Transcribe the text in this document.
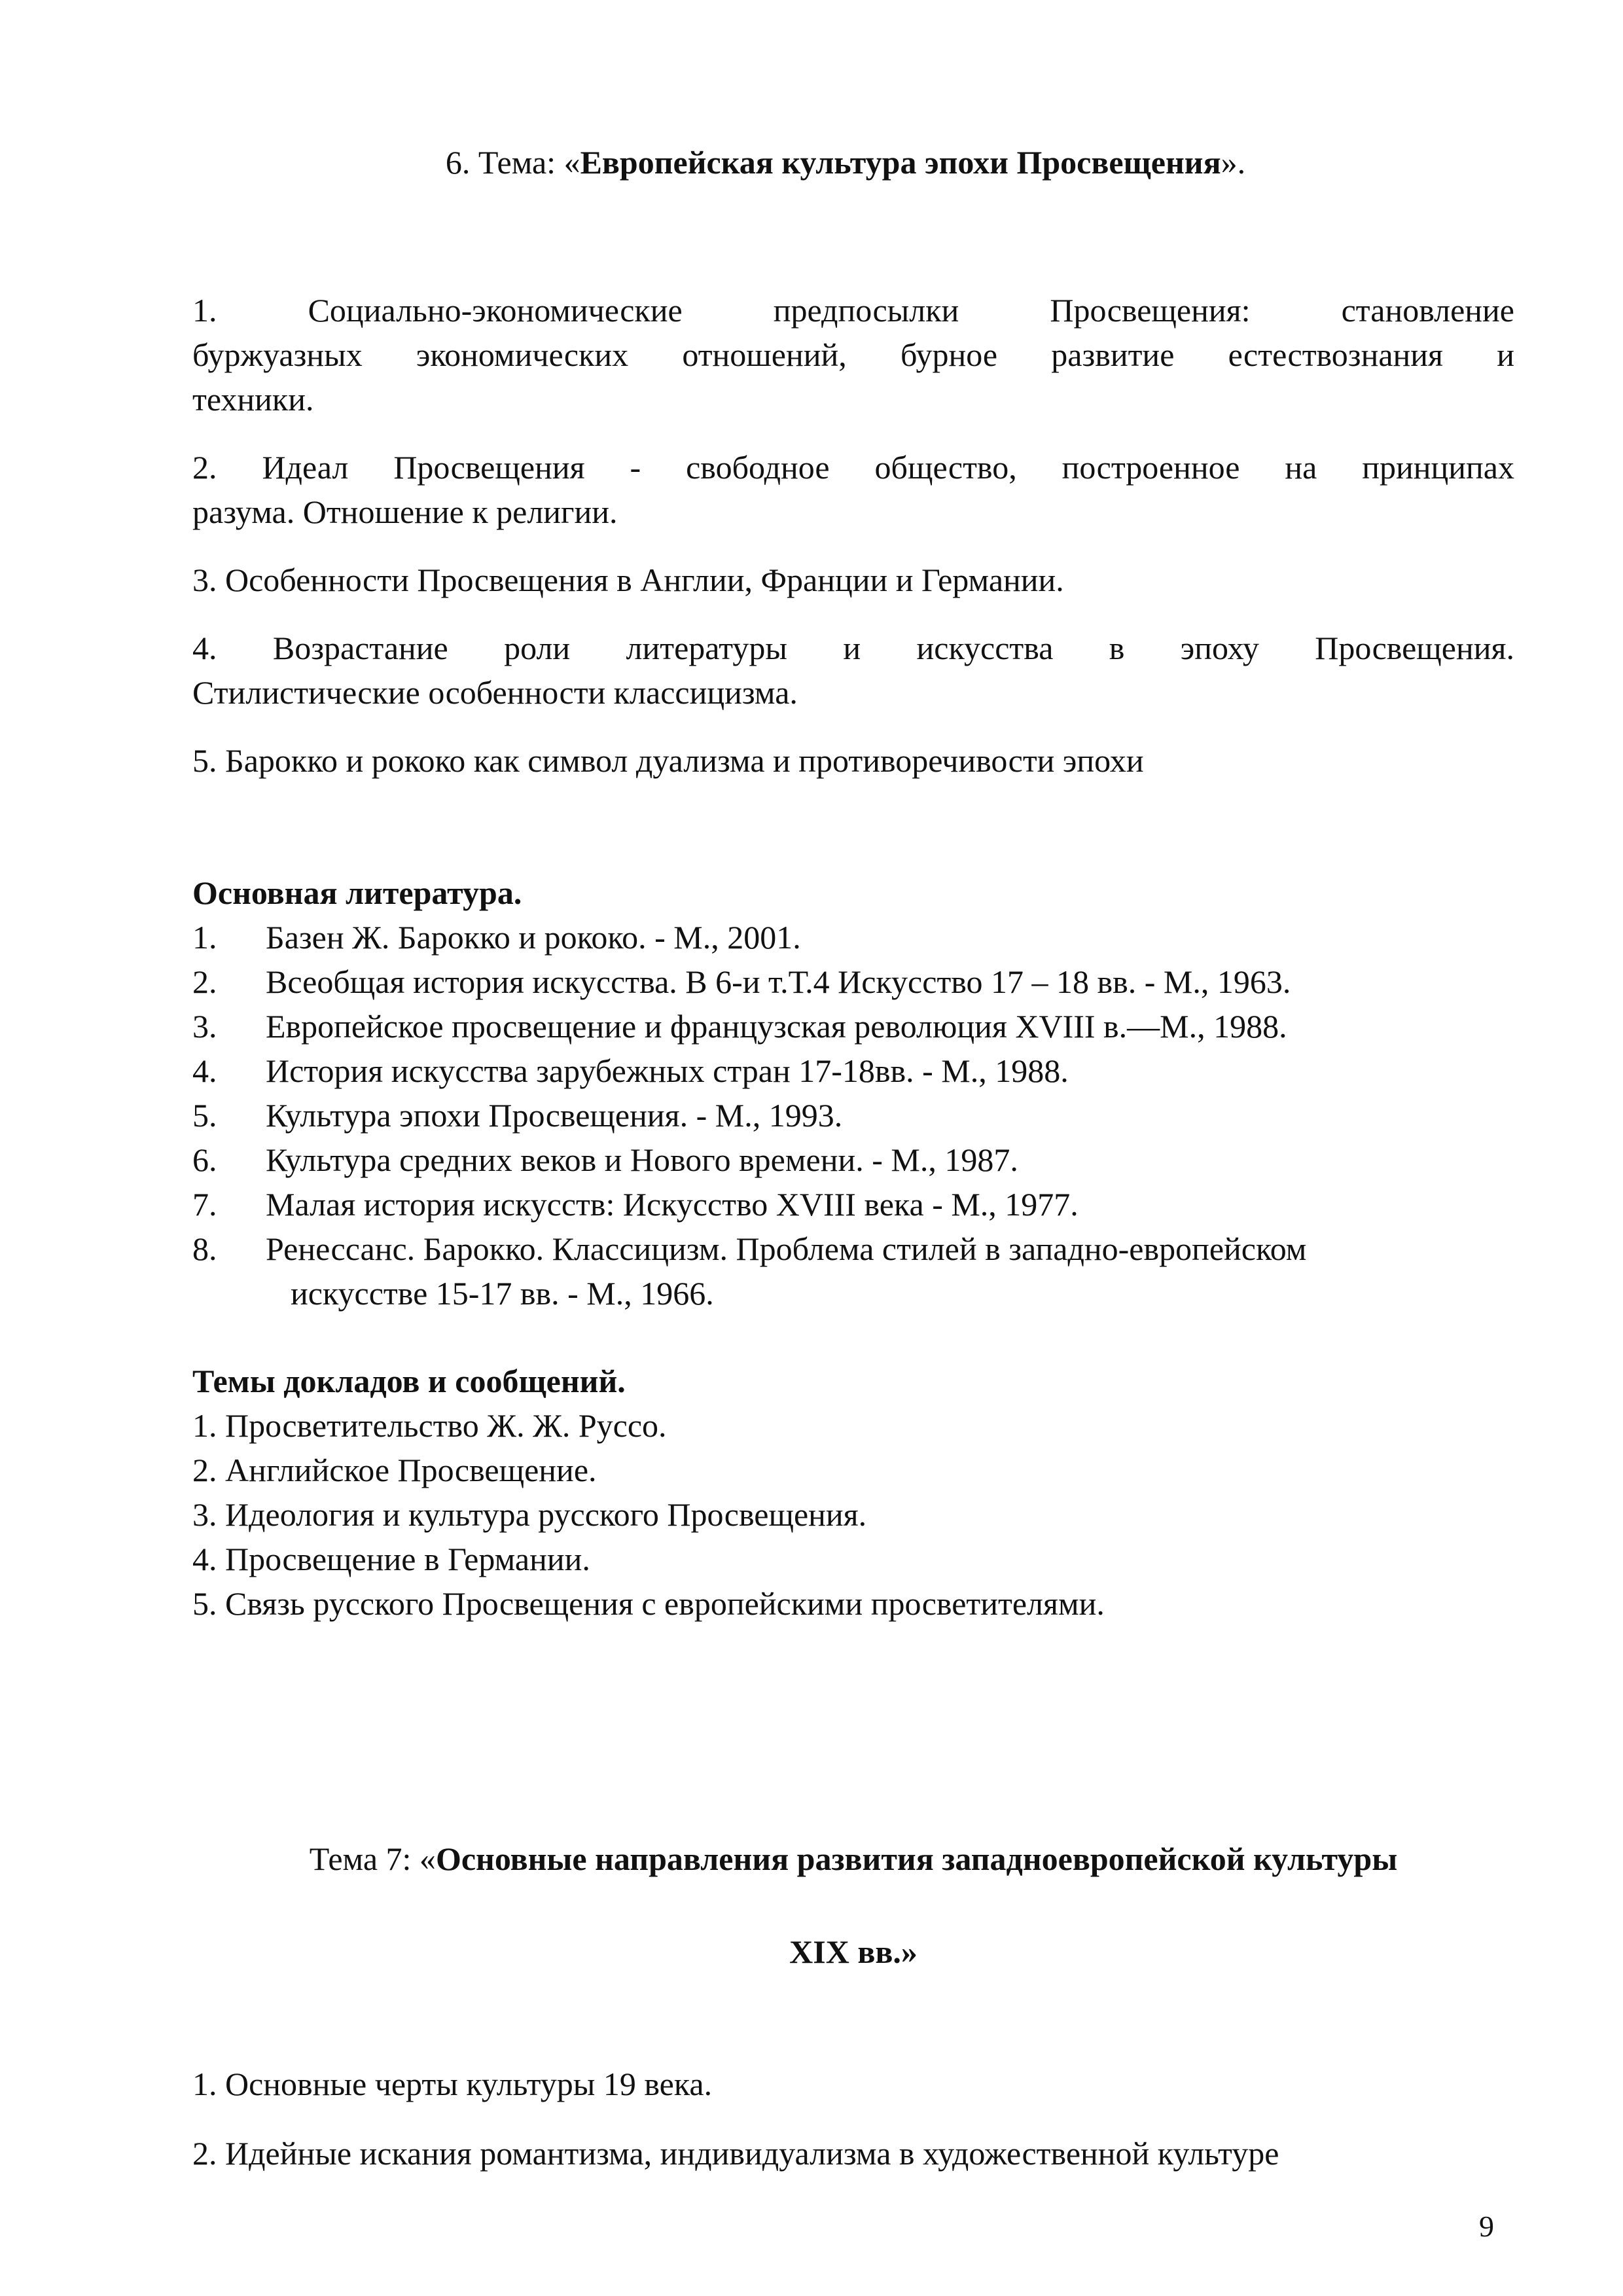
6. Тема: «Европейская культура эпохи Просвещения».
1. Социально-экономические предпосылки Просвещения: становление
буржуазных экономических отношений, бурное развитие естествознания и
техники.
2. Идеал Просвещения - свободное общество, построенное на принципах
разума. Отношение к религии.
3. Особенности Просвещения в Англии, Франции и Германии.
4. Возрастание роли литературы и искусства в эпоху Просвещения.
Стилистические особенности классицизма.
5. Барокко и рококо как символ дуализма и противоречивости эпохи
Основная литература.
1. Базен Ж. Барокко и рококо. - М., 2001.
2. Всеобщая история искусства. В 6-и т.Т.4 Искусство 17 – 18 вв. - М., 1963.
3. Европейское просвещение и французская революция XVIII в.—М., 1988.
4. История искусства зарубежных стран 17-18вв. - М., 1988.
5. Культура эпохи Просвещения. - М., 1993.
6. Культура средних веков и Нового времени. - М., 1987.
7. Малая история искусств: Искусство XVIII века - М., 1977.
8. Ренессанс. Барокко. Классицизм. Проблема стилей в западно-европейском
искусстве 15-17 вв. - М., 1966.
Темы докладов и сообщений.
1. Просветительство Ж. Ж. Руссо.
2. Английское Просвещение.
3. Идеология и культура русского Просвещения.
4. Просвещение в Германии.
5. Связь русского Просвещения с европейскими просветителями.
Тема 7: «Основные направления развития западноевропейской культуры
XIX вв.»
1. Основные черты культуры 19 века.
2. Идейные искания романтизма, индивидуализма в художественной культуре
9
